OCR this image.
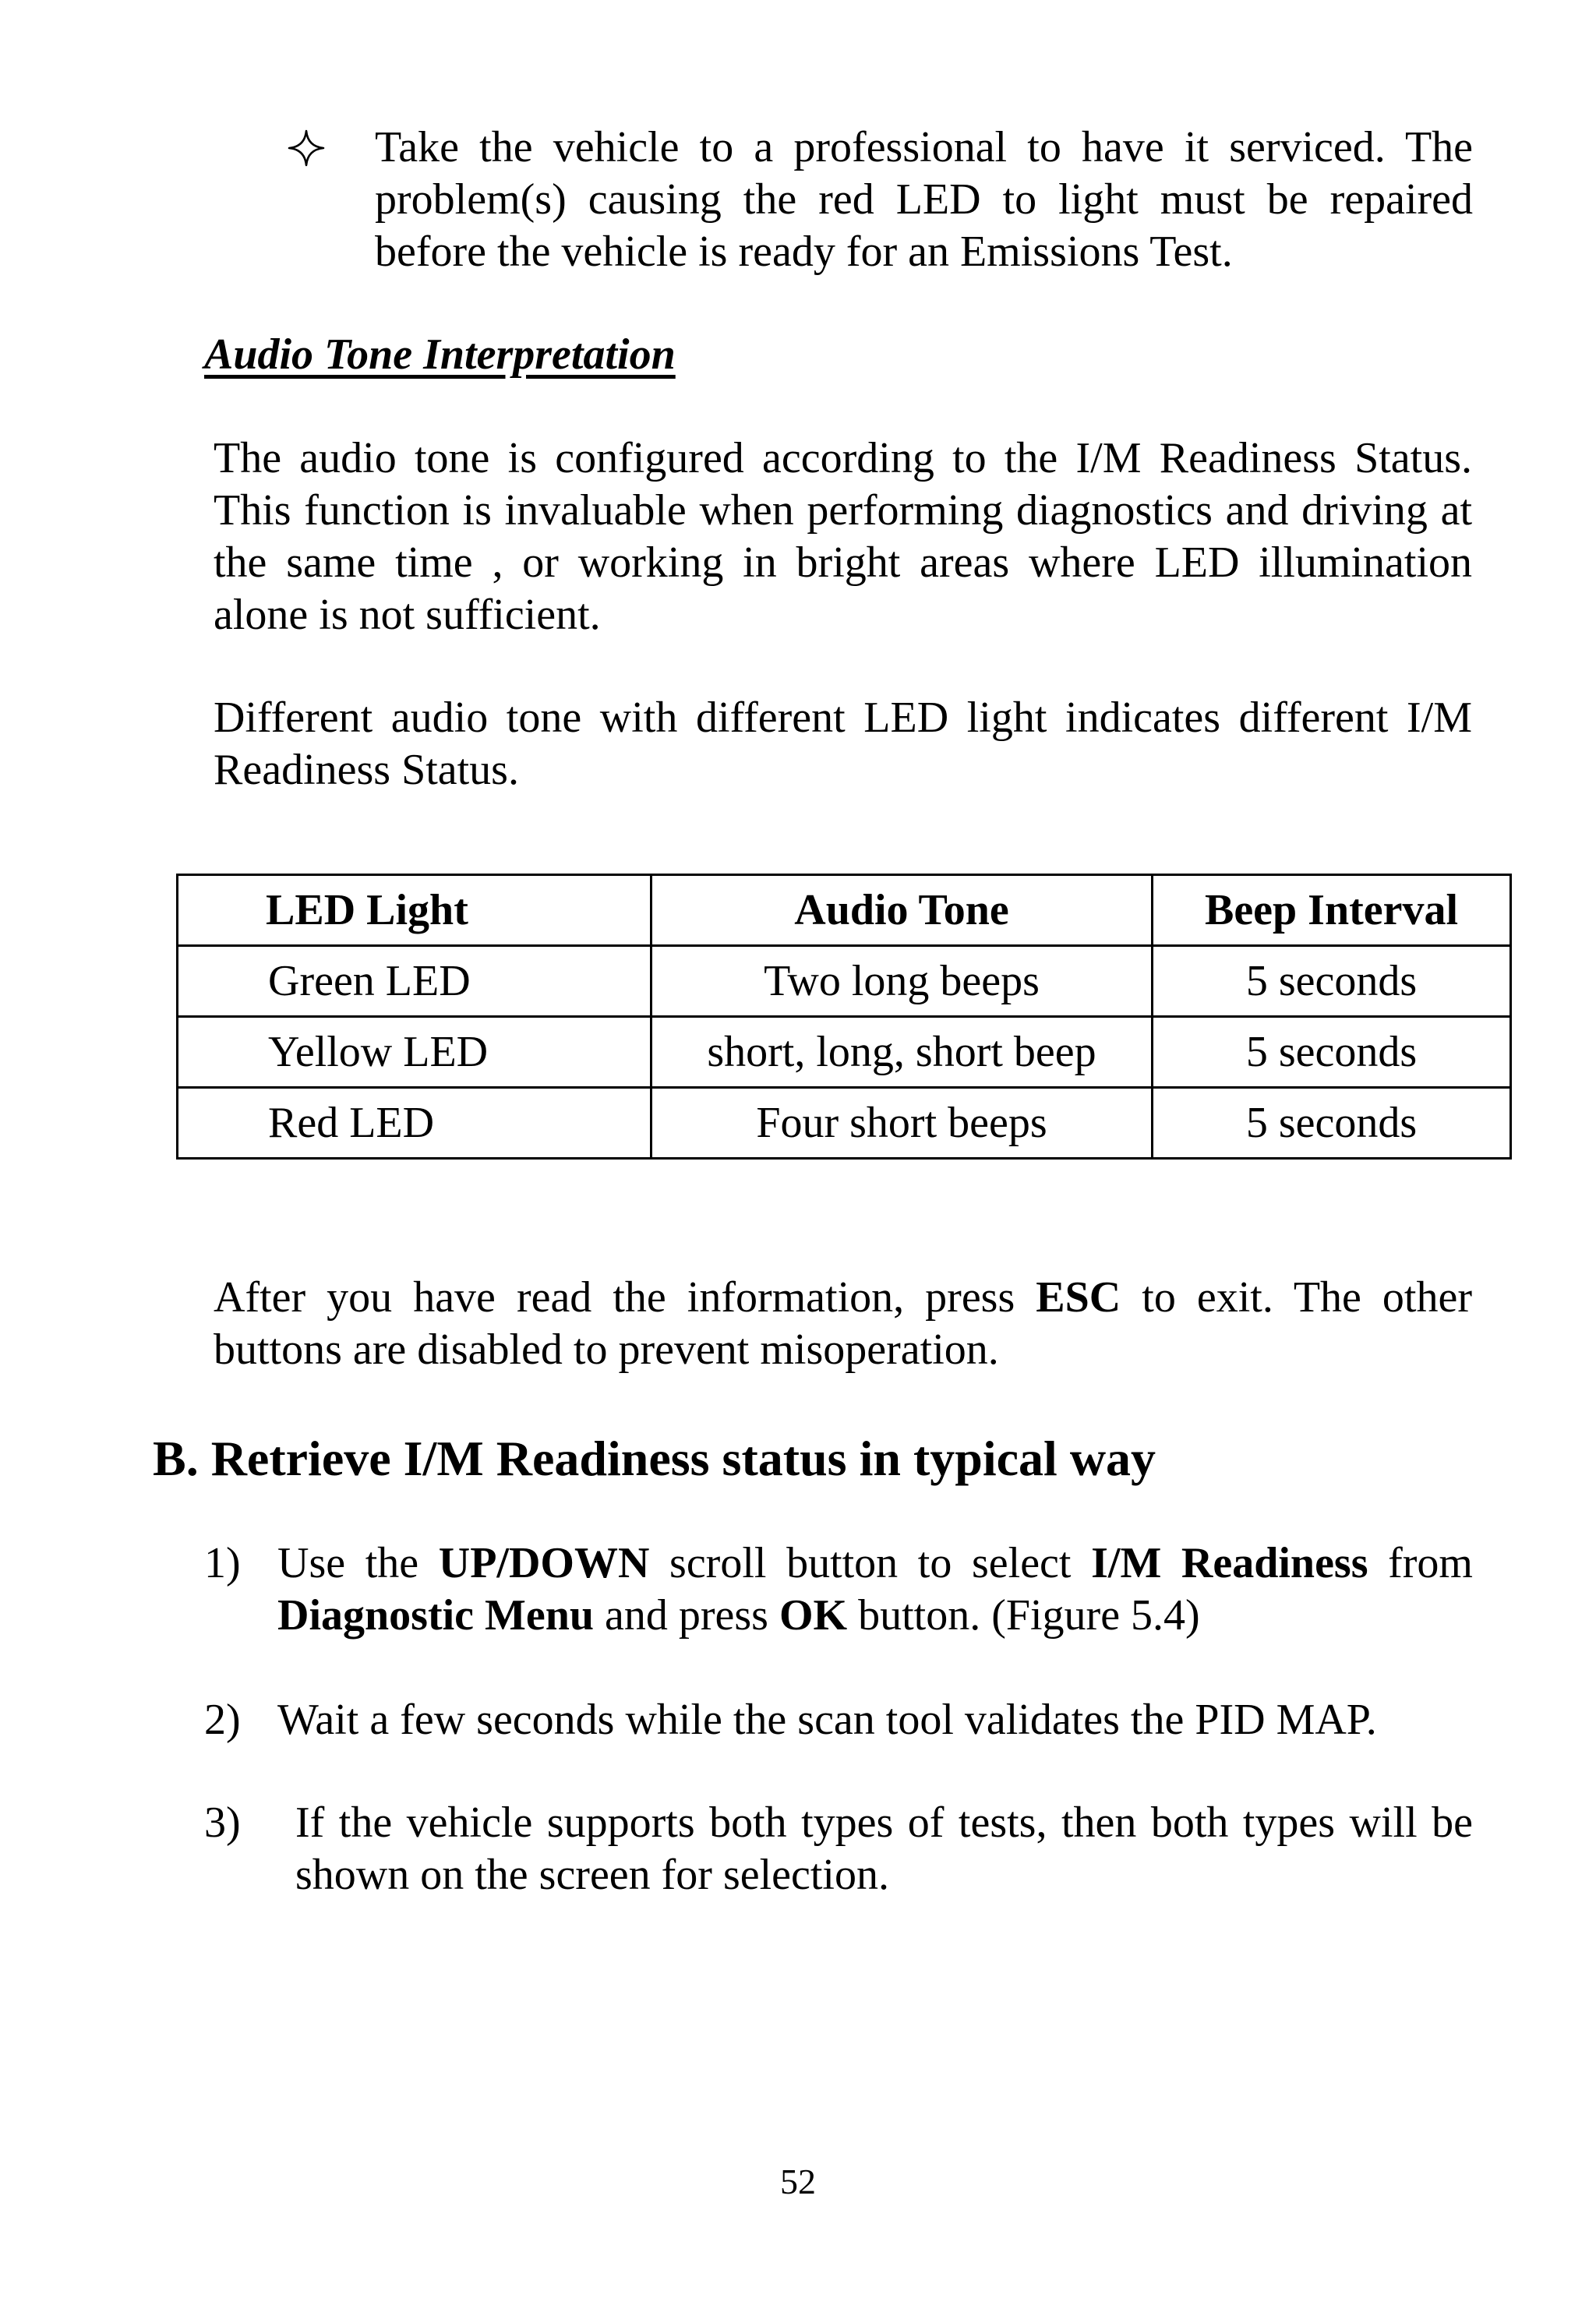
Take the vehicle to a professional to have it serviced. The problem(s) causing the red LED to light must be repaired before the vehicle is ready for an Emissions Test.
Audio Tone Interpretation
The audio tone is configured according to the I/M Readiness Status. This function is invaluable when performing diagnostics and driving at the same time , or working in bright areas where LED illumination alone is not sufficient.
Different audio tone with different LED light indicates different I/M Readiness Status.
LED Light	Audio Tone	Beep Interval
Green LED	Two long beeps	5 seconds
Yellow LED	short, long, short beep	5 seconds
Red LED	Four short beeps	5 seconds
After you have read the information, press ESC to exit. The other buttons are disabled to prevent misoperation.
B. Retrieve I/M Readiness status in typical way
1) Use the UP/DOWN scroll button to select I/M Readiness from Diagnostic Menu and press OK button. (Figure 5.4)
2) Wait a few seconds while the scan tool validates the PID MAP.
3) If the vehicle supports both types of tests, then both types will be shown on the screen for selection.
52
